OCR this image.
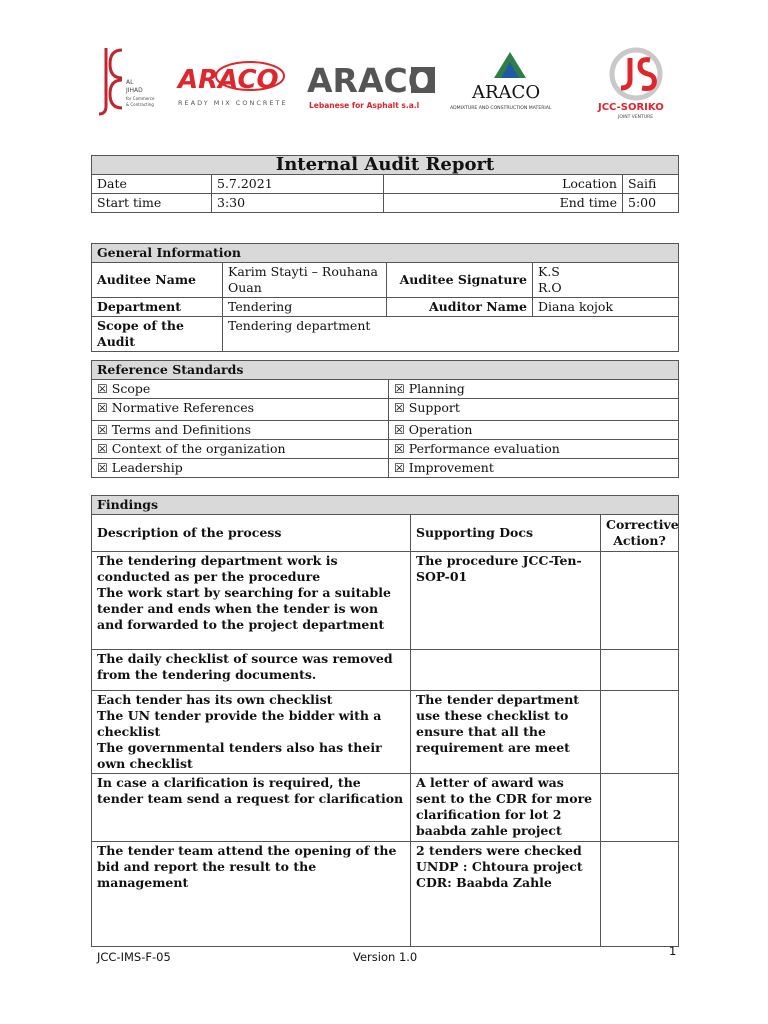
AL
JIHAD
for Commerce
& Contracting
ARACO
READY MIX CONCRETE
ARACO
Lebanese for Asphalt s.a.l
ARACO
ADMIXTURE AND CONSTRUCTION MATERIAL	JCC-SORIKO
JOINT VENTURE
Internal Audit Report			
Date	5.7.2021	Location	Saifi
Start time	3:30	End time	5:00
General Information			
Auditee Name	Karim Stayti – Rouhana Ouan	Auditee Signature	K.S
R.O

Department	Tendering	Auditor Name	Diana kojok
Scope of the Audit	Tendering department		
Reference Standards	
☒ Scope	☒ Planning
☒ Normative References	☒ Support
☒ Terms and Definitions	☒ Operation
☒ Context of the organization	☒ Performance evaluation
☒ Leadership	☒ Improvement
Findings		
Description of the process	Supporting Docs	Corrective Action?

The tendering department work is conducted as per the procedure
The work start by searching for a suitable tender and ends when the tender is won and forwarded to the project department	The procedure JCC-Ten-SOP-01	

The daily checklist of source was removed from the tendering documents.		

Each tender has its own checklist
The UN tender provide the bidder with a checklist
The governmental tenders also has their own checklist	The tender department use these checklist to ensure that all the requirement are meet	

In case a clarification is required, the tender team send a request for clarification	A letter of award was sent to the CDR for more clarification for lot 2 baabda zahle project	

The tender team attend the opening of the bid and report the result to the management	2 tenders were checked
UNDP : Chtoura project
CDR: Baabda Zahle	

JCC-IMS-F-05	Version 1.0	1
